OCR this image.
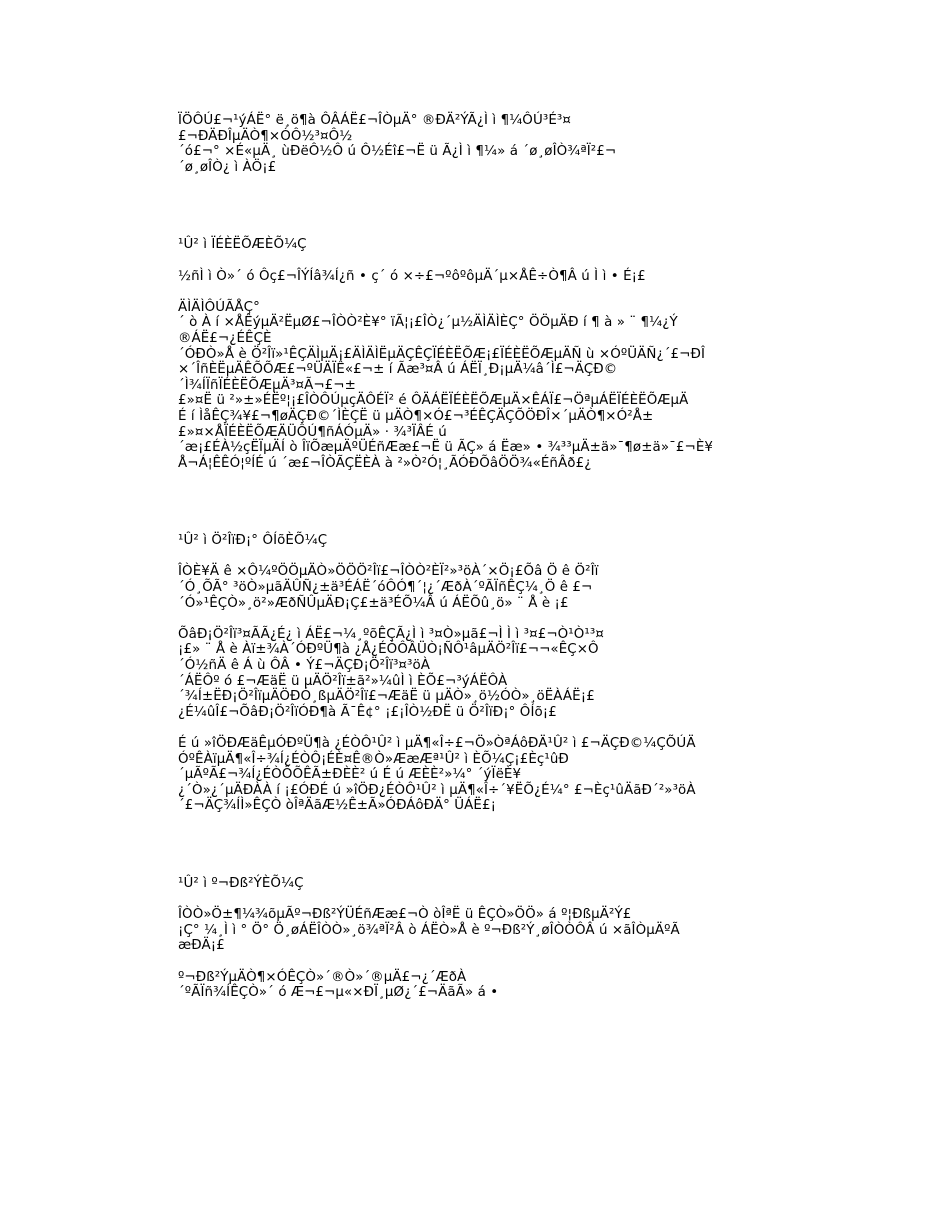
ÏÖÔÚ£¬¹ýÁË° ë¸ö¶à ÔÂÁË£¬ÎÒµÄ° ®ÐÄ²ÝÃ¿Ì ì ¶¼ÔÚ³É³¤

£¬ÐÄÐÎµÄÒ¶×ÓÔ½³¤Ô½

´ó£¬° ×É«µÄ¸ ùÐëÔ½Ô ú Ô½Éî£¬Ë ü Ã¿Ì ì ¶¼» á ´ø¸øÎÒ¾ªÏ²£¬

´ø¸øÎÒ¿ ì ÀÖ¡£

¹Û² ì ÏÉÈËÕÆÈÕ¼Ç

½ñÌ ì Ò»´ ó Ôç£¬ÎÝÍâ¾Í¿ñ • ç´ ó ×÷£¬ºôºôµÄ´µ×ÅÊ÷Ò¶Â ú Ì ì • É¡£

ÄÌÄÌÔÚÃÅÇ°

´ ò À í ×ÅÊýµÄ²ËµØ£¬ÎÒÒ²È¥° ïÃ¦¡£ÎÒ¿´µ½ÄÌÄÌÈÇ° ÖÖµÄÐ í ¶ à » ¨ ¶¼¿Ý

®ÁË£¬¿ÉÊÇÈ

´ÓÐÒ»Å è Ö²Îï»¹ÊÇÄÌµÄ¡£ÄÌÄÌËµÄÇÊÇÏÉÈËÕÆ¡£ÏÉÈËÕÆµÄÑ ù ×ÓºÜÄÑ¿´£¬ÐÎ

×´ÎñÈËµÄÊÕÕÆ£¬ºÜÄÏÊ«£¬± í Ãæ³¤Â ú ÁËÏ¸Ð¡µÄ¼â´Ì£¬ÄÇÐ©

´Ì¾ÍÏñÏÉÈËÕÆµÄ³¤Ã¬£¬±

£»¤Ë ü ²»±»ÉËº¦¡£ÎÒÔÚµçÄÔÉÏ² é ÔÄÁËÏÉÈËÕÆµÄ×ÊÁÏ£¬ÖªµÁËÏÉÈËÕÆµÄ

É í ÌåÊÇ¾¥£¬¶øÄÇÐ©´ÌÈÇË ü µÄÒ¶×Ó£¬³ÉÊÇÄÇÕÖÐÎ×´µÄÒ¶×Ó²Å±

£»¤×ÅÏÉÈËÕÆÄÜÔÚ¶ñÁÓµÄ» · ¾³ÏÂÉ ú

´æ¡£ÉÀ½çËÏµÄÍ ò ÎïÕæµÄºÜÉñÆæ£¬Ë ü ÃÇ» á Ëæ» • ¾³³µÄ±ä»¯¶ø±ä»¯£¬È¥

Å¬Á¦ÊÊÓ¦ºÍÉ ú ´æ£¬ÎÒÃÇËÈÀ à ²»Ò²Ó¦¸ÃÓÐÕâÖÖ¾«ÉñÂð£¿

¹Û² ì Ö²ÎïÐ¡° ÔÍõÈÕ¼Ç

ÎÒÈ¥Ä ê ×Ô¼ºÖÖµÄÒ»ÖÖÖ²Îï£¬ÎÒÒ²ÈÏ²»³öÀ´×Ö¡£Õâ Ö ê Ö²Îï

´Ó¸ÕÃ° ³öÒ»µãÄÛÑ¿±ä³ÉÁË´óÔÓ¶´¦¿´ÆðÀ´ºÃÏñÊÇ¼¸Ö ê £¬

´Ó»¹ÊÇÒ»¸ö²»ÆðÑÛµÄÐ¡Ç£±ä³ÉÕ¼Â ú ÁËÕû¸ö» ¨ Å è ¡£

ÕâÐ¡Ö²Îï³¤ÃÃ¿É¿ ì ÁË£¬¼¸ºõÊÇÃ¿Ì ì ³¤Ò»µã£¬Ì Ì ì ³¤£¬Ò¹Ò¹³¤

¡£» ¨ Å è Àï±¾À´ÓÐºÜ¶à ¿Å¿ÉÓÔÂÜÒ¡ÑÔ¹âµÄÖ²Îï£¬¬«ÊÇ×Ô

´Ó½ñÄ ê Á ù ÔÂ • Ý£¬ÄÇÐ¡Ö²Îï³¤³öÀ

´ÁËÔº ó £¬ÆäË ü µÄÖ²Îï±ã²»¼ûÌ ì ÈÕ£¬³ýÁËÔÀ

´¾Í±ËÐ¡Ö²ÎïµÄÖÐÓ¸ßµÄÖ²Îï£¬ÆäË ü µÄÒ»¸ö½ÓÒ»¸öËÀÁË¡£

¿É¼ûÎ£¬ÕâÐ¡Ö²ÎïÓÐ¶à Ã¯Ê¢° ¡£¡ÎÒ½ÐË ü Ö²ÎïÐ¡° ÔÍõ¡£

É ú »îÖÐÆäÊµÓÐºÜ¶à ¿ÉÒÔ¹Û² ì µÄ¶«Î÷£¬Ö»ÒªÁôÐÄ¹Û² ì £¬ÄÇÐ©¼ÇÕÚÄ

ÓºÊÀïµÄ¶«Î÷¾Í¿ÉÒÔ¡ÉÈ¤Ê®Ò»ÆæÆª¹Û² ì ÈÕ¼Ç¡£Èç¹ûÐ

´µÃºÃ£¬¾Í¿ÉÒÔÕÊÃ±ÐÈÈ² ú É ú ÆÈÈ²»¼° ´ýÏëÈ¥

¿´Ò»¿´µÄÐÀÀ í ¡£ÓÐÉ ú »îÖÐ¿ÉÒÔ¹Û² ì µÄ¶«Î÷´¥ËÕ¿É¼° £¬Èç¹ûÄãÐ´²»³öÀ

´£¬ÄÇ¾ÍÌ»ÊÇÒ òÎªÄãÆ½Ê±Ã»ÓÐÁôÐÄ° ÜÁË£¡

¹Û² ì º¬Ðß²ÝÈÕ¼Ç

ÎÒÒ»Ö±¶¼¾õµÃº¬Ðß²ÝÜÉñÆæ£¬Ò òÎªË ü ÊÇÒ»ÖÖ» á º¦ÐßµÄ²Ý£

¡Ç° ¼¸Ì ì ° Ö° Ö¸øÁËÎÒÒ»¸ö¾ªÏ²Â ò ÁËÒ»Å è º¬Ðß²Ý¸øÎÒÒÔÂ ú ×ãÎÒµÄºÃ

æÐÄ¡£

º¬Ðß²ÝµÄÒ¶×ÓÊÇÒ»´®Ò»´®µÄ£¬¿´ÆðÀ

´ºÃÏñ¾ÍÊÇÒ»´ ó Æ¬£¬µ«×ÐÏ¸µØ¿´£¬ÄãÃ» á •
